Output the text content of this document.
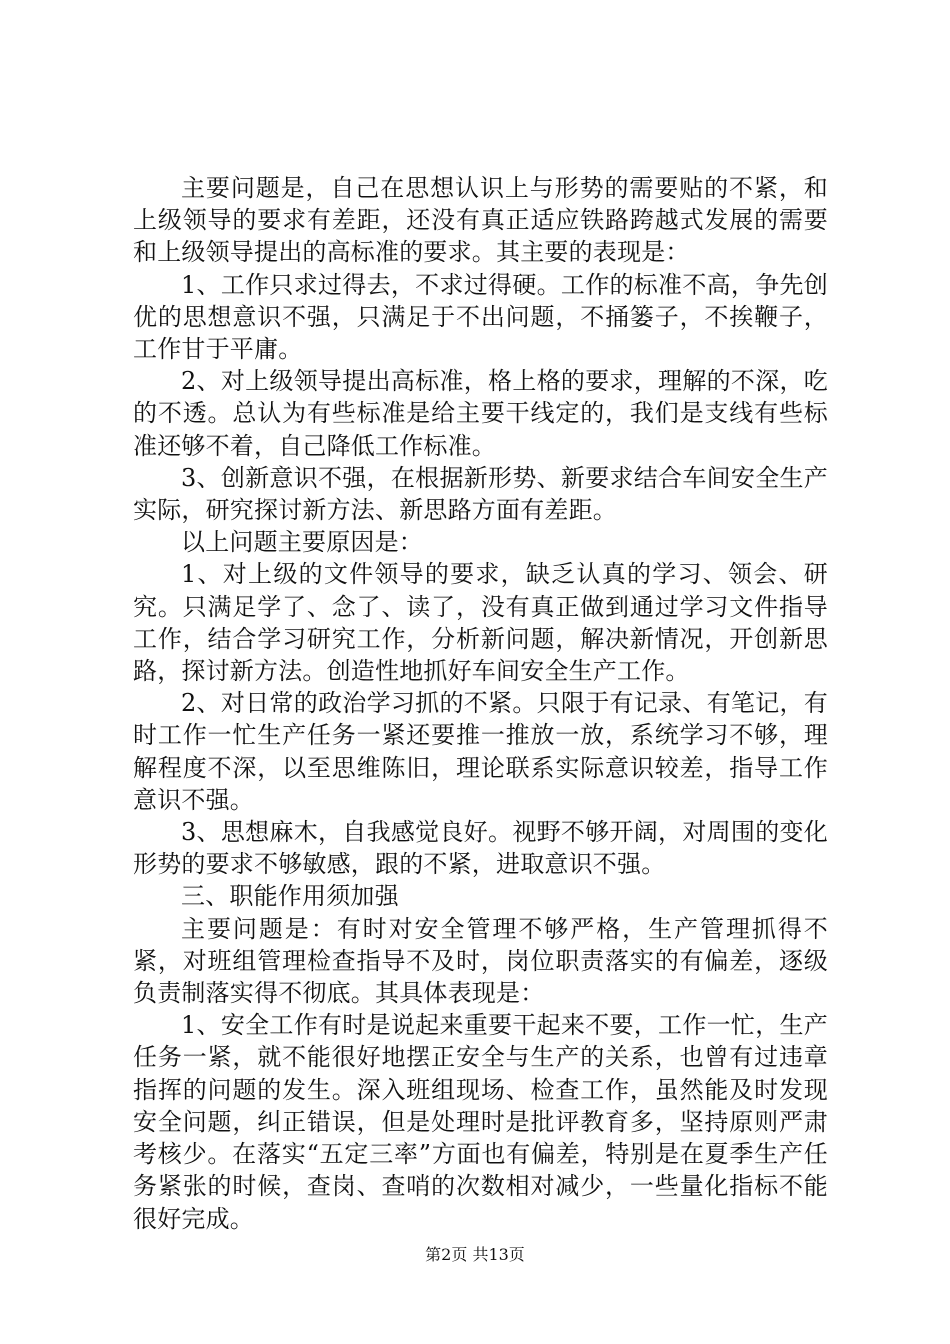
主要问题是，自己在思想认识上与形势的需要贴的不紧，和上级领导的要求有差距，还没有真正适应铁路跨越式发展的需要和上级领导提出的高标准的要求。其主要的表现是：

1、工作只求过得去，不求过得硬。工作的标准不高，争先创优的思想意识不强，只满足于不出问题，不捅篓子，不挨鞭子，工作甘于平庸。

2、对上级领导提出高标准，格上格的要求，理解的不深，吃的不透。总认为有些标准是给主要干线定的，我们是支线有些标准还够不着，自己降低工作标准。

3、创新意识不强，在根据新形势、新要求结合车间安全生产实际，研究探讨新方法、新思路方面有差距。

以上问题主要原因是：

1、对上级的文件领导的要求，缺乏认真的学习、领会、研究。只满足学了、念了、读了，没有真正做到通过学习文件指导工作，结合学习研究工作，分析新问题，解决新情况，开创新思路，探讨新方法。创造性地抓好车间安全生产工作。

2、对日常的政治学习抓的不紧。只限于有记录、有笔记，有时工作一忙生产任务一紧还要推一推放一放，系统学习不够，理解程度不深，以至思维陈旧，理论联系实际意识较差，指导工作意识不强。

3、思想麻木，自我感觉良好。视野不够开阔，对周围的变化形势的要求不够敏感，跟的不紧，进取意识不强。

三、职能作用须加强

主要问题是：有时对安全管理不够严格，生产管理抓得不紧，对班组管理检查指导不及时，岗位职责落实的有偏差，逐级负责制落实得不彻底。其具体表现是：

1、安全工作有时是说起来重要干起来不要，工作一忙，生产任务一紧，就不能很好地摆正安全与生产的关系，也曾有过违章指挥的问题的发生。深入班组现场、检查工作，虽然能及时发现安全问题，纠正错误，但是处理时是批评教育多，坚持原则严肃考核少。在落实“五定三率”方面也有偏差，特别是在夏季生产任务紧张的时候，查岗、查哨的次数相对减少，一些量化指标不能很好完成。

第2页 共13页
